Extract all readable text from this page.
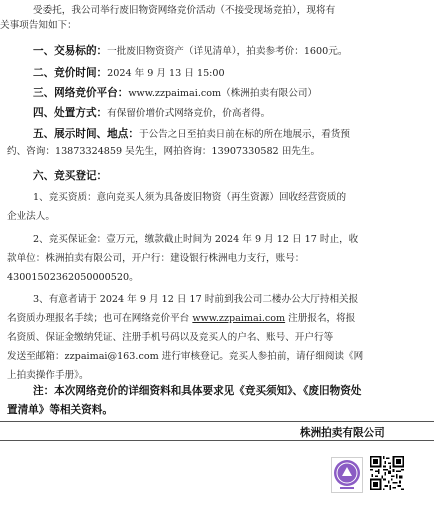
受委托，我公司举行废旧物资网络竞价活动（不接受现场竞拍），现将有
关事项告知如下：
一、交易标的：一批废旧物资资产（详见清单），拍卖参考价：1600元。
二、竞价时间：2024 年 9 月 13 日 15:00
三、网络竞价平台：www.zzpaimai.com（株洲拍卖有限公司）
四、处置方式：有保留价增价式网络竞价，价高者得。
五、展示时间、地点：于公告之日至拍卖日前在标的所在地展示，看货预
约、咨询：13873324859 吴先生，网拍咨询：13907330582 田先生。
六、竞买登记：
1、竞买资质：意向竞买人须为具备废旧物资（再生资源）回收经营资质的
企业法人。
2、竞买保证金：壹万元，缴款截止时间为 2024 年 9 月 12 日 17 时止，收
款单位：株洲拍卖有限公司，开户行：建设银行株洲电力支行，账号：
43001502362050000520。
3、有意者请于 2024 年 9 月 12 日 17 时前到我公司二楼办公大厅持相关报
名资质办理报名手续；也可在网络竞价平台 www.zzpaimai.com 注册报名，将报
名资质、保证金缴纳凭证、注册手机号码以及竞买人的户名、账号、开户行等
发送至邮箱：zzpaimai@163.com 进行审核登记。竞买人参拍前，请仔细阅读《网
上拍卖操作手册》。
注：本次网络竞价的详细资料和具体要求见《竞买须知》、《废旧物资处
置清单》等相关资料。
株洲拍卖有限公司
